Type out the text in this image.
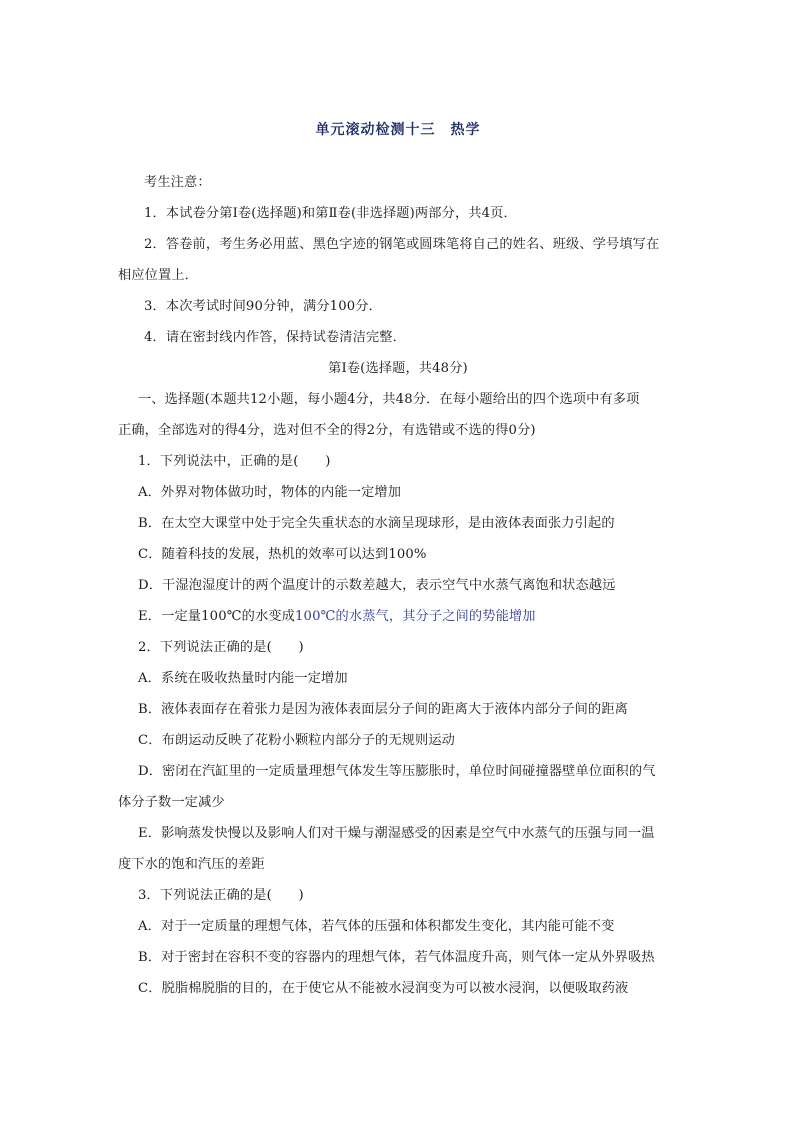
单元滚动检测十三　热学
考生注意：
1．本试卷分第Ⅰ卷(选择题)和第Ⅱ卷(非选择题)两部分，共4页．
2．答卷前，考生务必用蓝、黑色字迹的钢笔或圆珠笔将自己的姓名、班级、学号填写在
相应位置上．
3．本次考试时间90分钟，满分100分．
4．请在密封线内作答，保持试卷清洁完整．
第Ⅰ卷(选择题，共48分)
一、选择题(本题共12小题，每小题4分，共48分．在每小题给出的四个选项中有多项
正确，全部选对的得4分，选对但不全的得2分，有选错或不选的得0分)
1．下列说法中，正确的是(　　)
A．外界对物体做功时，物体的内能一定增加
B．在太空大课堂中处于完全失重状态的水滴呈现球形，是由液体表面张力引起的
C．随着科技的发展，热机的效率可以达到100%
D．干湿泡湿度计的两个温度计的示数差越大，表示空气中水蒸气离饱和状态越远
E．一定量100℃的水变成100℃的水蒸气，其分子之间的势能增加
2．下列说法正确的是(　　)
A．系统在吸收热量时内能一定增加
B．液体表面存在着张力是因为液体表面层分子间的距离大于液体内部分子间的距离
C．布朗运动反映了花粉小颗粒内部分子的无规则运动
D．密闭在汽缸里的一定质量理想气体发生等压膨胀时，单位时间碰撞器壁单位面积的气
体分子数一定减少
E．影响蒸发快慢以及影响人们对干燥与潮湿感受的因素是空气中水蒸气的压强与同一温
度下水的饱和汽压的差距
3．下列说法正确的是(　　)
A．对于一定质量的理想气体，若气体的压强和体积都发生变化，其内能可能不变
B．对于密封在容积不变的容器内的理想气体，若气体温度升高，则气体一定从外界吸热
C．脱脂棉脱脂的目的，在于使它从不能被水浸润变为可以被水浸润，以便吸取药液
